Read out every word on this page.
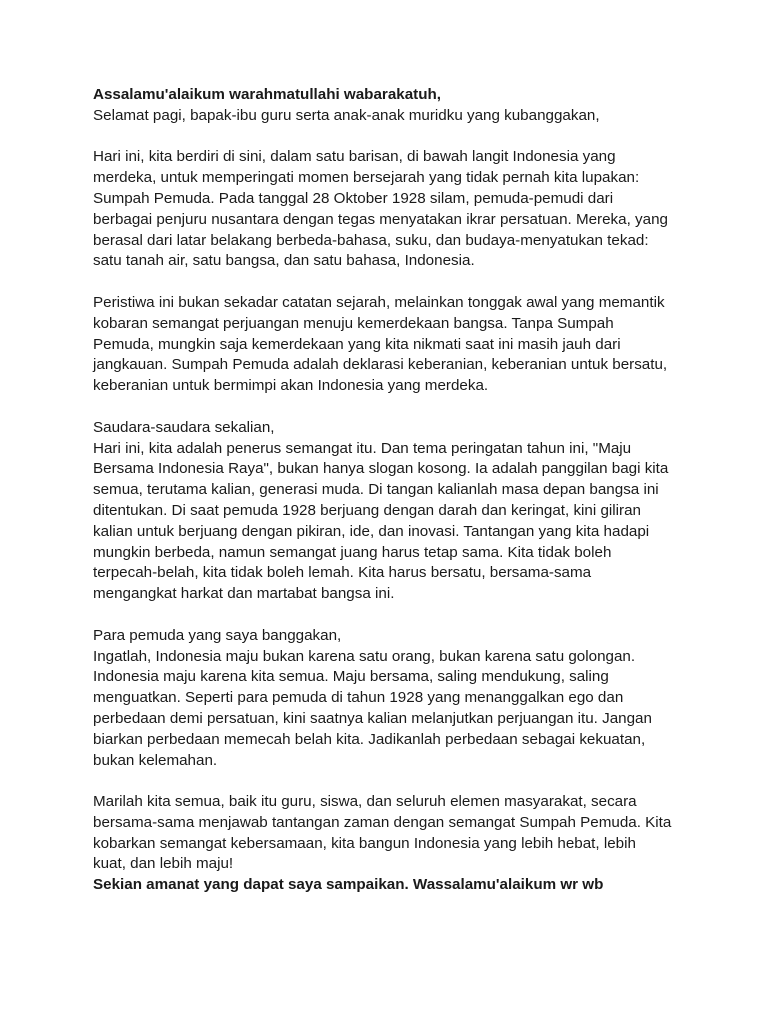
Assalamu'alaikum warahmatullahi wabarakatuh,
Selamat pagi, bapak-ibu guru serta anak-anak muridku yang kubanggakan,
Hari ini, kita berdiri di sini, dalam satu barisan, di bawah langit Indonesia yang
merdeka, untuk memperingati momen bersejarah yang tidak pernah kita lupakan:
Sumpah Pemuda. Pada tanggal 28 Oktober 1928 silam, pemuda-pemudi dari
berbagai penjuru nusantara dengan tegas menyatakan ikrar persatuan. Mereka, yang
berasal dari latar belakang berbeda-bahasa, suku, dan budaya-menyatukan tekad:
satu tanah air, satu bangsa, dan satu bahasa, Indonesia.
Peristiwa ini bukan sekadar catatan sejarah, melainkan tonggak awal yang memantik
kobaran semangat perjuangan menuju kemerdekaan bangsa. Tanpa Sumpah
Pemuda, mungkin saja kemerdekaan yang kita nikmati saat ini masih jauh dari
jangkauan. Sumpah Pemuda adalah deklarasi keberanian, keberanian untuk bersatu,
keberanian untuk bermimpi akan Indonesia yang merdeka.
Saudara-saudara sekalian,
Hari ini, kita adalah penerus semangat itu. Dan tema peringatan tahun ini, "Maju
Bersama Indonesia Raya", bukan hanya slogan kosong. Ia adalah panggilan bagi kita
semua, terutama kalian, generasi muda. Di tangan kalianlah masa depan bangsa ini
ditentukan. Di saat pemuda 1928 berjuang dengan darah dan keringat, kini giliran
kalian untuk berjuang dengan pikiran, ide, dan inovasi. Tantangan yang kita hadapi
mungkin berbeda, namun semangat juang harus tetap sama. Kita tidak boleh
terpecah-belah, kita tidak boleh lemah. Kita harus bersatu, bersama-sama
mengangkat harkat dan martabat bangsa ini.
Para pemuda yang saya banggakan,
Ingatlah, Indonesia maju bukan karena satu orang, bukan karena satu golongan.
Indonesia maju karena kita semua. Maju bersama, saling mendukung, saling
menguatkan. Seperti para pemuda di tahun 1928 yang menanggalkan ego dan
perbedaan demi persatuan, kini saatnya kalian melanjutkan perjuangan itu. Jangan
biarkan perbedaan memecah belah kita. Jadikanlah perbedaan sebagai kekuatan,
bukan kelemahan.
Marilah kita semua, baik itu guru, siswa, dan seluruh elemen masyarakat, secara
bersama-sama menjawab tantangan zaman dengan semangat Sumpah Pemuda. Kita
kobarkan semangat kebersamaan, kita bangun Indonesia yang lebih hebat, lebih
kuat, dan lebih maju!
Sekian amanat yang dapat saya sampaikan. Wassalamu'alaikum wr wb
